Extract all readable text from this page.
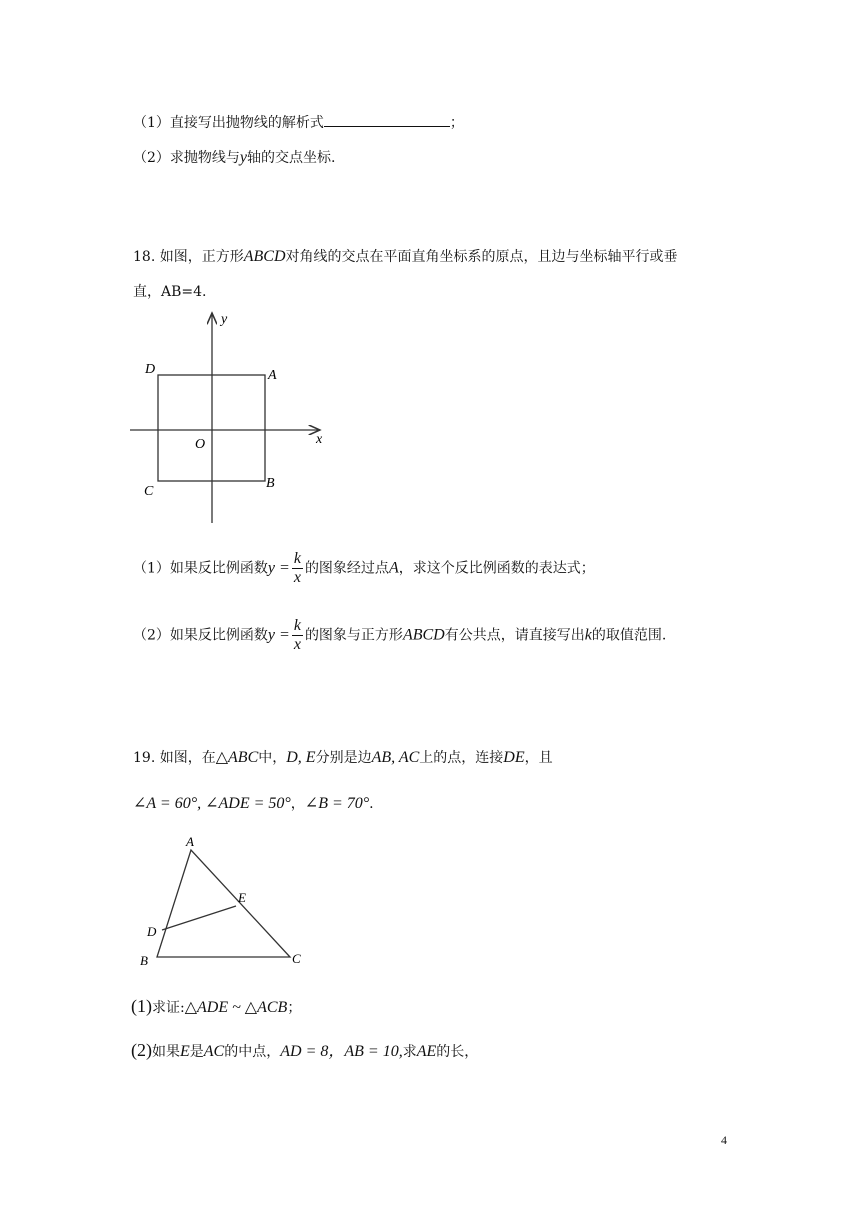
（1）直接写出抛物线的解析式	；
（2）求抛物线与y轴的交点坐标.
18. 如图，正方形ABCD对角线的交点在平面直角坐标系的原点，且边与坐标轴平行或垂
直，AB=4.
y
x
O
D	A
C
B
（1）如果反比例函数$y = \frac{k}{x}$ 的图象经过点A，求这个反比例函数的表达式；
（2）如果反比例函数$y = \frac{k}{x}$ 的图象与正方形ABCD有公共点，请直接写出k的取值范围.
19. 如图，在△ABC中，D, E分别是边AB, AC上的点，连接DE，且
∠A = 60°, ∠ADE = 50°，∠B = 70°.
A
E
D
B	C
(1)求证:△ADE ~ △ACB；
(2)如果E是AC的中点，AD = 8，AB = 10,求AE的长，
4
